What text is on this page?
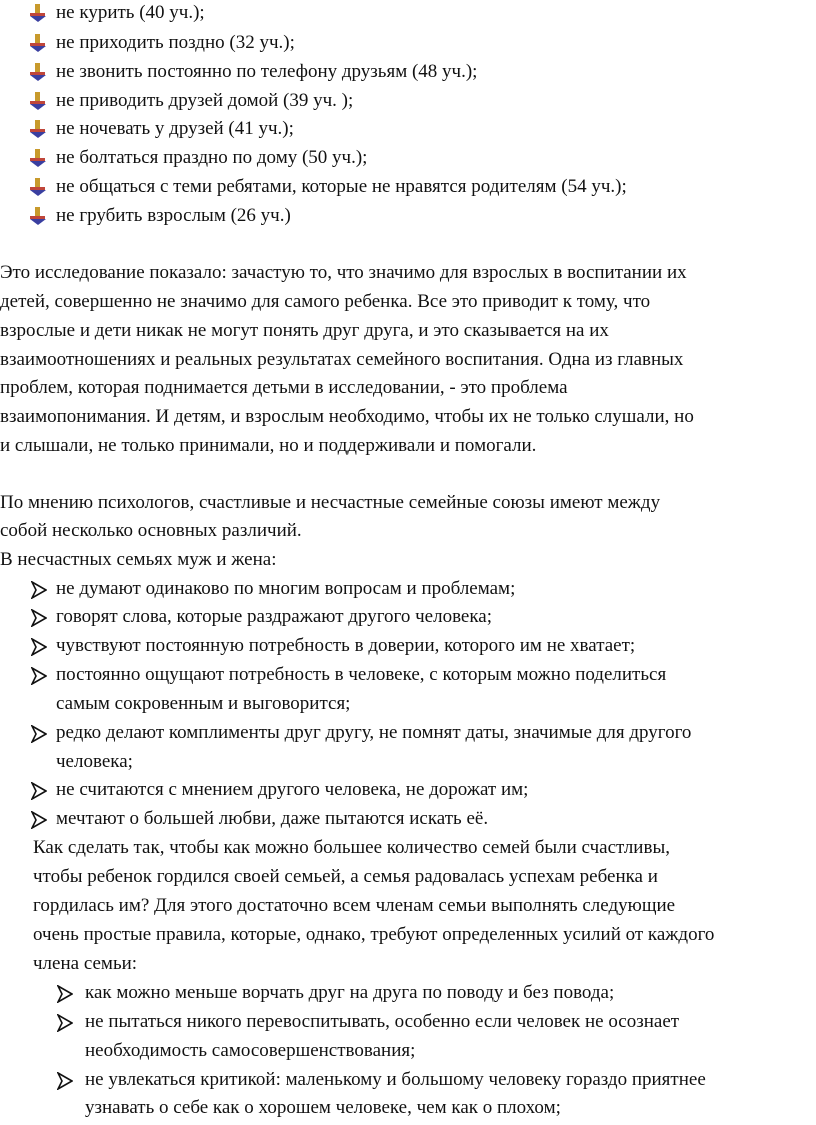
не курить (40 уч.);
не приходить поздно (32 уч.);
не звонить постоянно по телефону друзьям (48 уч.);
не приводить друзей домой (39 уч. );
не ночевать у друзей (41 уч.);
не болтаться праздно по дому (50 уч.);
не общаться с теми ребятами, которые не нравятся родителям (54 уч.);
не грубить взрослым (26 уч.)
Это исследование показало: зачастую то, что значимо для взрослых в воспитании их
детей, совершенно не значимо для самого ребенка. Все это приводит к тому, что
взрослые и дети никак не могут понять друг друга, и это сказывается на их
взаимоотношениях и реальных результатах семейного воспитания. Одна из главных
проблем, которая поднимается детьми в исследовании, - это проблема
взаимопонимания. И детям, и взрослым необходимо, чтобы их не только слушали, но
и слышали, не только принимали, но и поддерживали и помогали.
По мнению психологов, счастливые и несчастные семейные союзы имеют между
собой несколько основных различий.
В несчастных семьях муж и жена:
не думают одинаково по многим вопросам и проблемам;
говорят слова, которые раздражают другого человека;
чувствуют постоянную потребность в доверии, которого им не хватает;
постоянно ощущают потребность в человеке, с которым можно поделиться
самым сокровенным и выговорится;
редко делают комплименты друг другу, не помнят даты, значимые для другого
человека;
не считаются с мнением другого человека, не дорожат им;
мечтают о большей любви, даже пытаются искать её.
Как сделать так, чтобы как можно большее количество семей были счастливы,
чтобы ребенок гордился своей семьей, а семья радовалась успехам ребенка и
гордилась им? Для этого достаточно всем членам семьи выполнять следующие
очень простые правила, которые, однако, требуют определенных усилий от каждого
члена семьи:
как можно меньше ворчать друг на друга по поводу и без повода;
не пытаться никого перевоспитывать, особенно если человек не осознает
необходимость самосовершенствования;
не увлекаться критикой: маленькому и большому человеку гораздо приятнее
узнавать о себе как о хорошем человеке, чем как о плохом;
